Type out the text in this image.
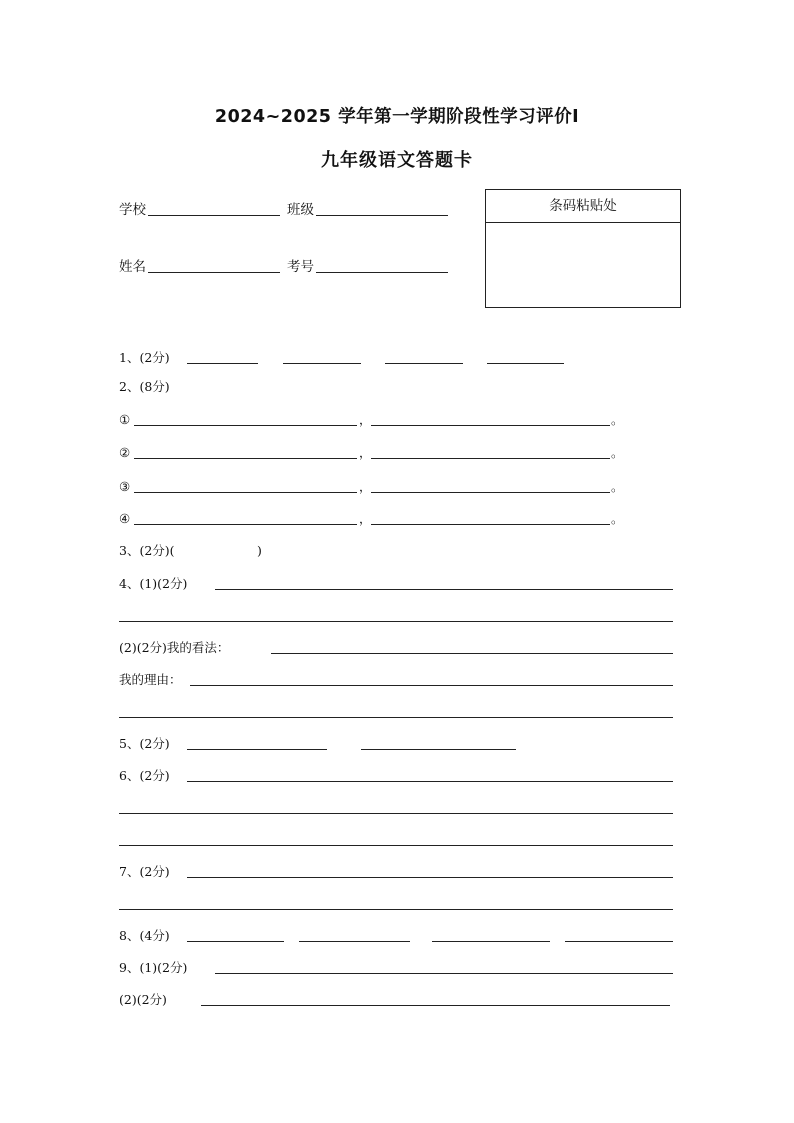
2024~2025 学年第一学期阶段性学习评价Ⅰ
九年级语文答题卡
学校	班级
姓名	考号
条码粘贴处
1、(2分)
2、(8分)
①	，	。
②	，	。
③	，	。
④	，	。
3、(2分)(	)
4、(1)(2分)
(2)(2分)我的看法：
我的理由：
5、(2分)
6、(2分)
7、(2分)
8、(4分)
9、(1)(2分)
(2)(2分)
